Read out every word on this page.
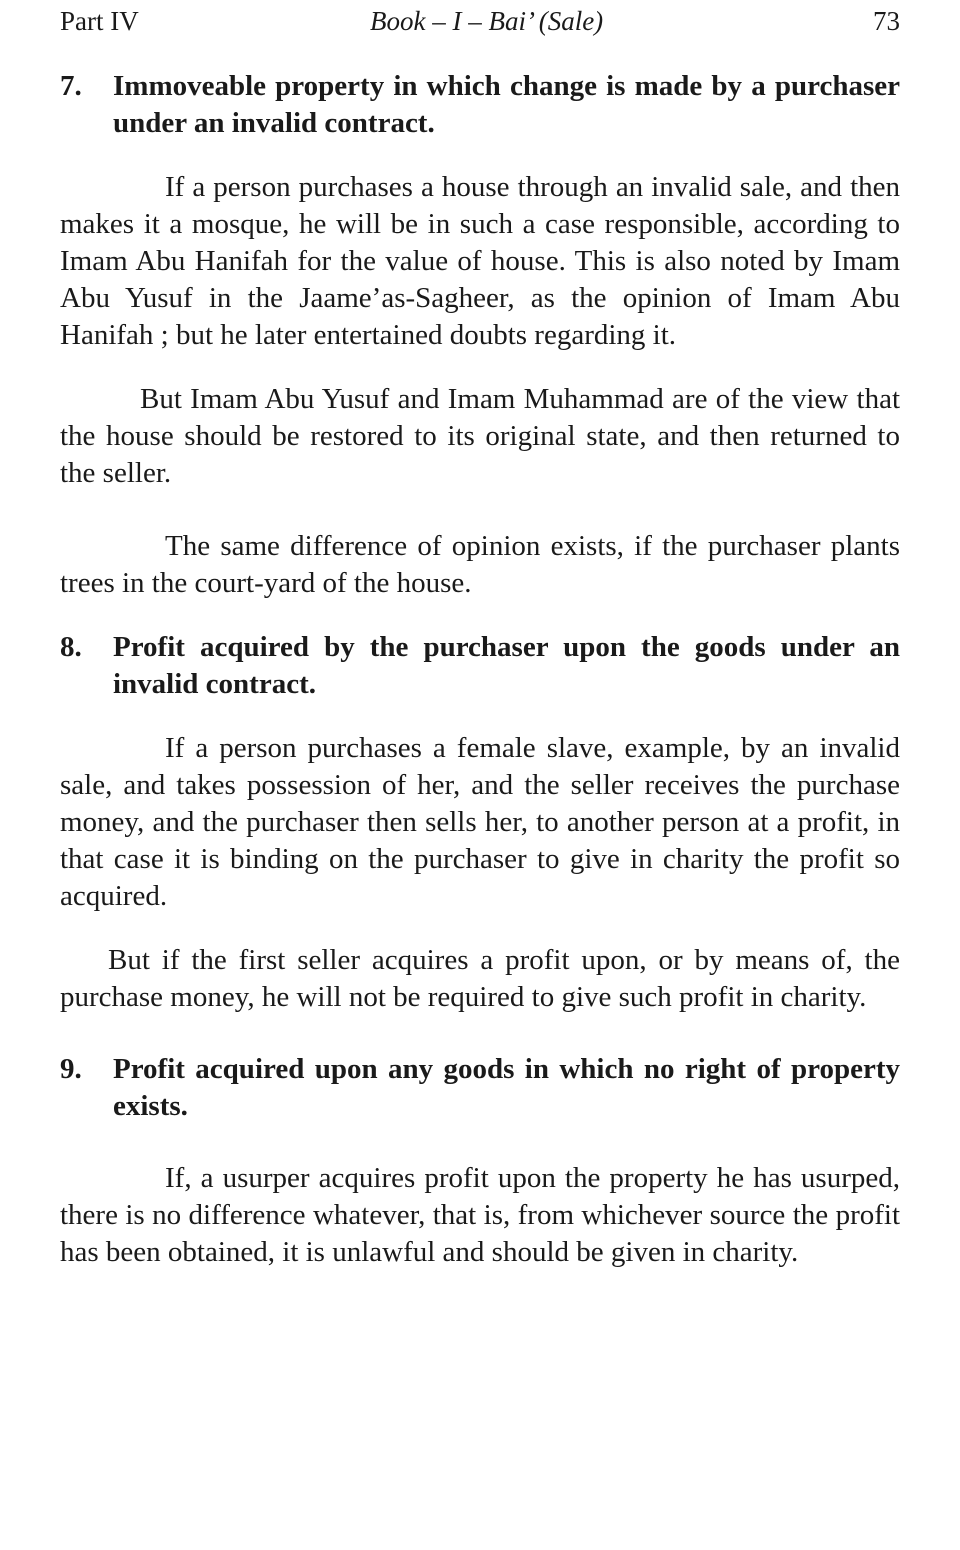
Part IV	Book – I – Bai’ (Sale)	73
7.	Immoveable property in which change is made by a purchaser under an invalid contract.

If a person purchases a house through an invalid sale, and then makes it a mosque, he will be in such a case responsible, according to Imam Abu Hanifah for the value of house. This is also noted by Imam Abu Yusuf in the Jaame’as-Sagheer, as the opinion of Imam Abu Hanifah ; but he later entertained doubts regarding it.

But Imam Abu Yusuf and Imam Muhammad are of the view that the house should be restored to its original state, and then returned to the seller.

The same difference of opinion exists, if the purchaser plants trees in the court-yard of the house.

8.	Profit acquired by the purchaser upon the goods under an invalid contract.

If a person purchases a female slave, example, by an invalid sale, and takes possession of her, and the seller receives the purchase money, and the purchaser then sells her, to another person at a profit, in that case it is binding on the purchaser to give in charity the profit so acquired.

But if the first seller acquires a profit upon, or by means of, the purchase money, he will not be required to give such profit in charity.

9.	Profit acquired upon any goods in which no right of property exists.

If, a usurper acquires profit upon the property he has usurped, there is no difference whatever, that is, from whichever source the profit has been obtained, it is unlawful and should be given in charity.
